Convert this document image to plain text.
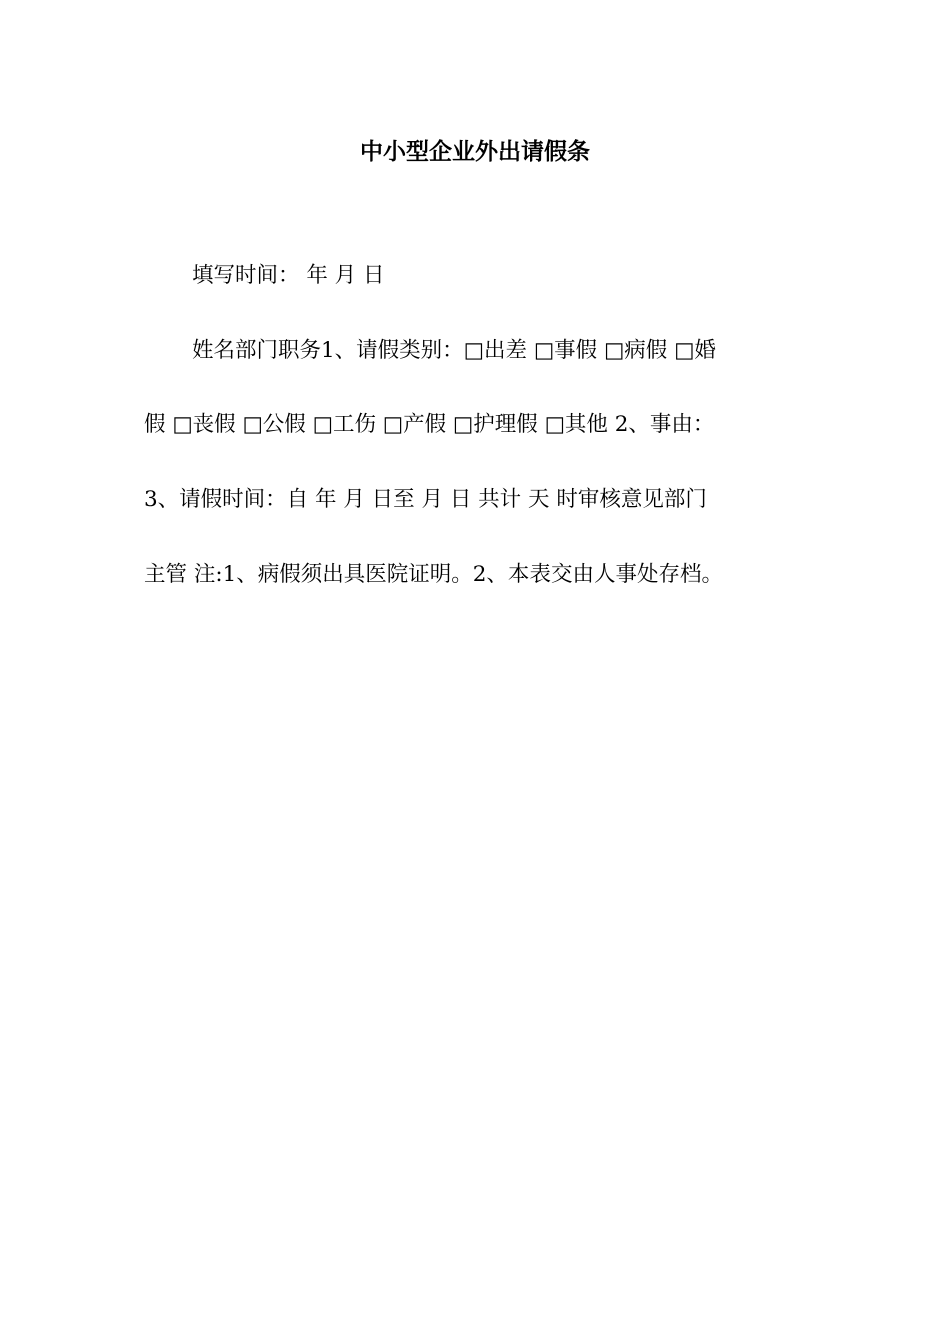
中小型企业外出请假条
填写时间： 年 月 日
姓名部门职务1、请假类别：□出差 □事假 □病假 □婚
假 □丧假 □公假 □工伤 □产假 □护理假 □其他 2、事由：
3、请假时间：自 年 月 日至 月 日 共计 天 时审核意见部门
主管 注:1、病假须出具医院证明。2、本表交由人事处存档。
